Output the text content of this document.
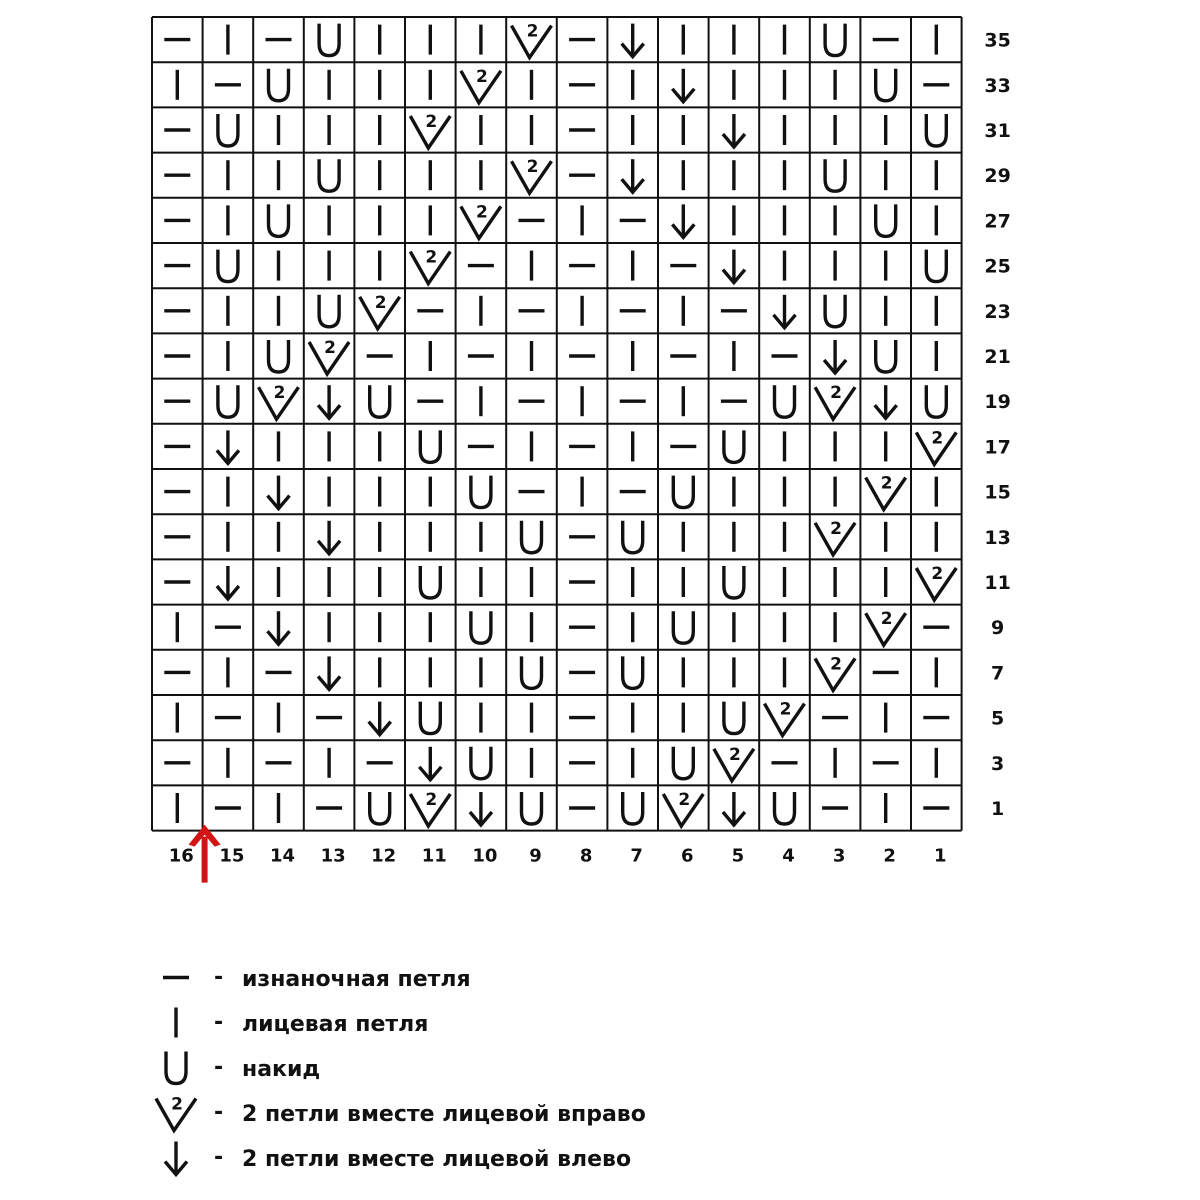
2
2
2
2
2
2
2
2
2	2
2
2
2
2
2
2
2
2
2	2
35
33
31
29
27
25
23
21
19
17
15
13
11
9
7
5
3
1
16 15 14 13 12 11 10 9 8 7 6 5 4 3 2 1
- изнаночная петля
- лицевая петля
- накид
2 - 2 петли вместе лицевой вправо
- 2 петли вместе лицевой влево
